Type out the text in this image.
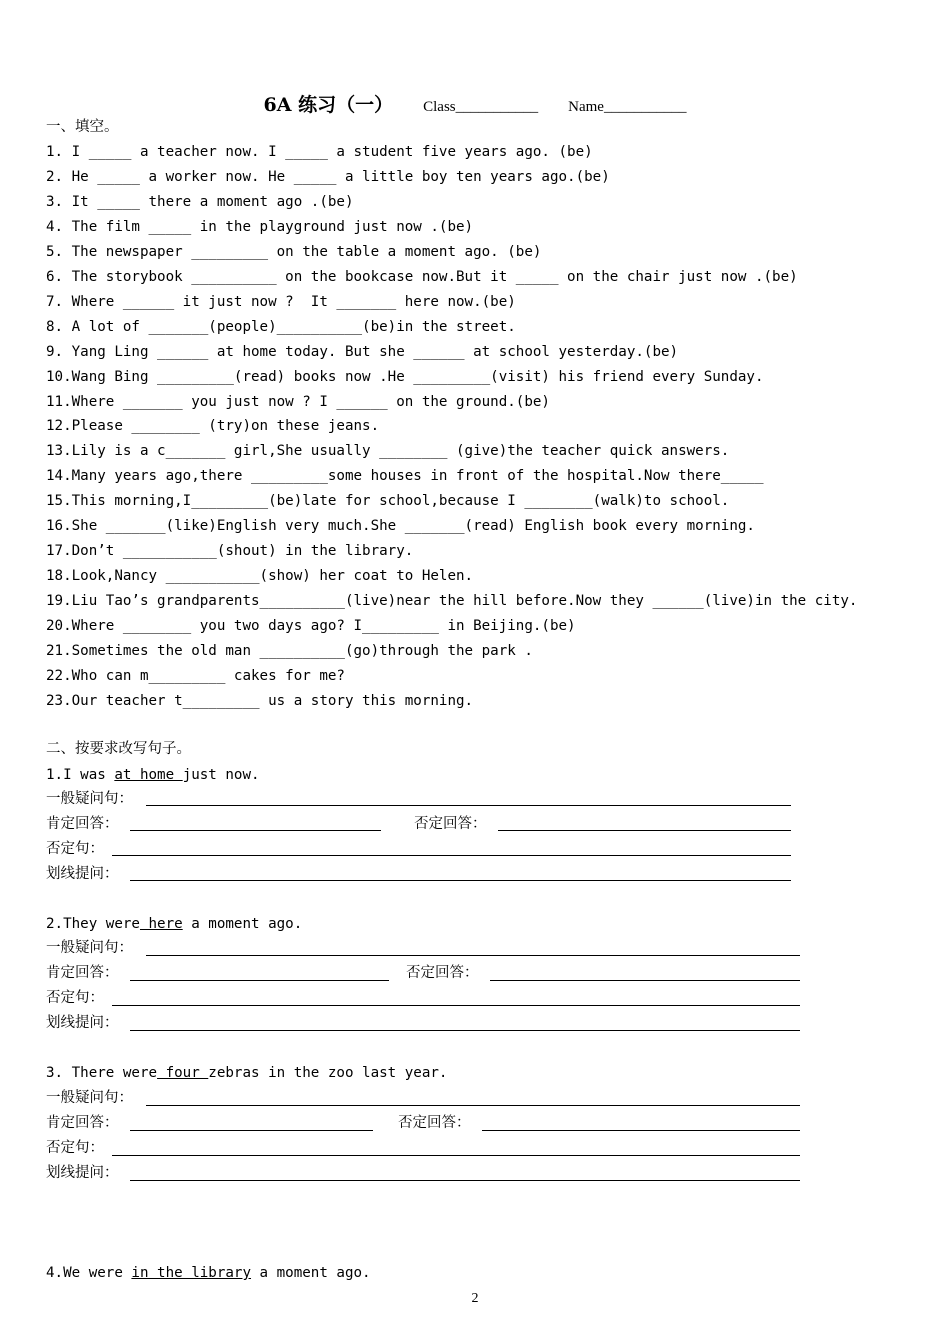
6A 练习（一） Class___________ Name___________
一、填空。
1. I _____ a teacher now. I _____ a student five years ago. (be)
2. He _____ a worker now. He _____ a little boy ten years ago.(be)
3. It _____ there a moment ago .(be)
4. The film _____ in the playground just now .(be)
5. The newspaper _________ on the table a moment ago. (be)
6. The storybook __________ on the bookcase now.But it _____ on the chair just now .(be)
7. Where ______ it just now ?  It _______ here now.(be)
8. A lot of _______(people)__________(be)in the street.
9. Yang Ling ______ at home today. But she ______ at school yesterday.(be)
10.Wang Bing _________(read) books now .He _________(visit) his friend every Sunday.
11.Where _______ you just now ? I ______ on the ground.(be)
12.Please ________ (try)on these jeans.
13.Lily is a c_______ girl,She usually ________ (give)the teacher quick answers.
14.Many years ago,there _________some houses in front of the hospital.Now there_____
15.This morning,I_________(be)late for school,because I ________(walk)to school.
16.She _______(like)English very much.She _______(read) English book every morning.
17.Don’t ___________(shout) in the library.
18.Look,Nancy ___________(show) her coat to Helen.
19.Liu Tao’s grandparents__________(live)near the hill before.Now they ______(live)in the city.
20.Where ________ you two days ago? I_________ in Beijing.(be)
21.Sometimes the old man __________(go)through the park .
22.Who can m_________ cakes for me?
23.Our teacher t_________ us a story this morning.
二、按要求改写句子。
1.I was at home just now.
一般疑问句：
肯定回答：	否定回答：
否定句：
划线提问：
2.They were here a moment ago.
一般疑问句：
肯定回答：	否定回答：
否定句：
划线提问：
3. There were four zebras in the zoo last year.
一般疑问句：
肯定回答：	否定回答：
否定句：
划线提问：
4.We were in the library a moment ago.
2
